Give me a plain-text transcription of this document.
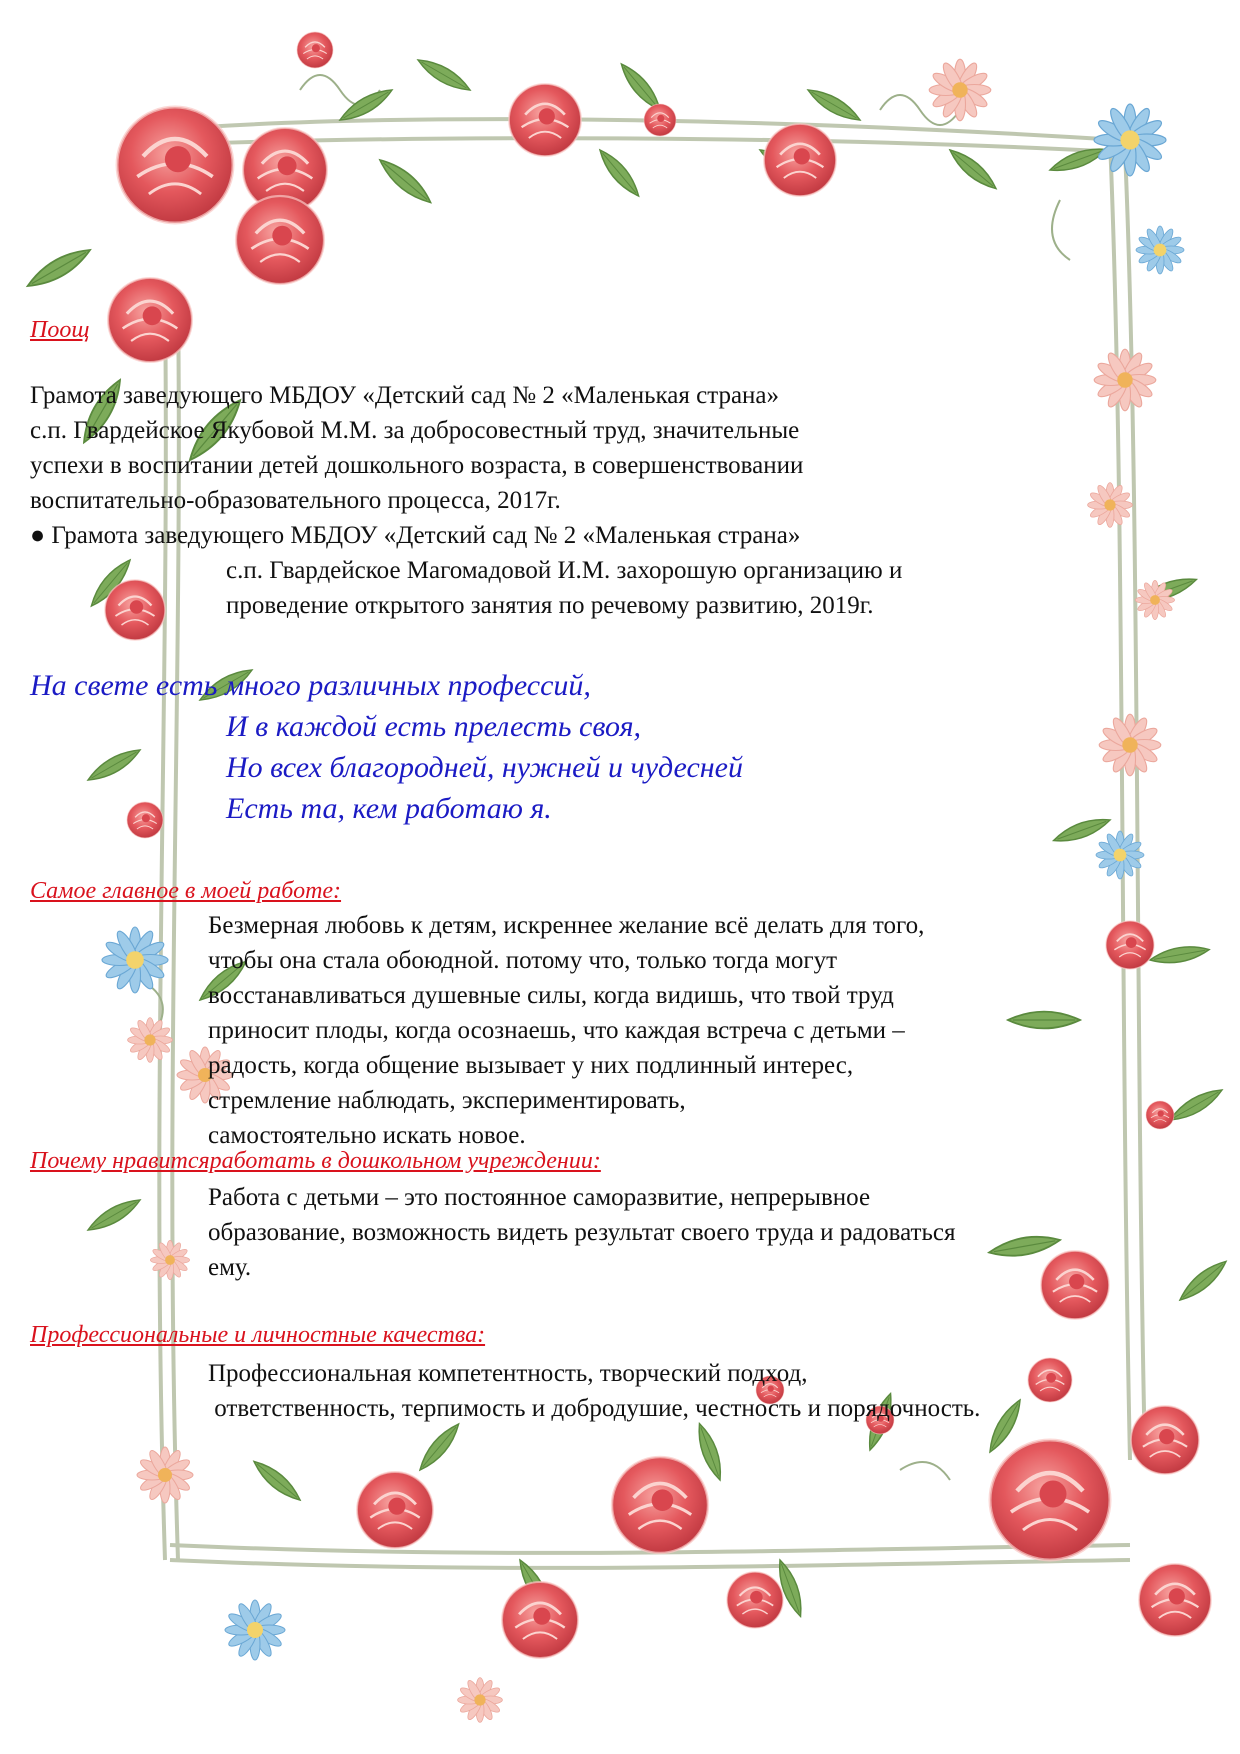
Поощ
Грамота заведующего МБДОУ «Детский сад № 2 «Маленькая страна»
с.п. Гвардейское Якубовой М.М. за добросовестный труд, значительные
успехи в воспитании детей дошкольного возраста, в совершенствовании
воспитательно-образовательного процесса, 2017г.
● Грамота заведующего МБДОУ «Детский сад № 2 «Маленькая страна»
с.п. Гвардейское Магомадовой И.М. захорошую организацию и
проведение открытого занятия по речевому развитию, 2019г.
На свете есть много различных профессий,
И в каждой есть прелесть своя,
Но всех благородней, нужней и чудесней
Есть та, кем работаю я.
Самое главное в моей работе:
Безмерная любовь к детям, искреннее желание всё делать для того,
чтобы она стала обоюдной. потому что, только тогда могут
восстанавливаться душевные силы, когда видишь, что твой труд
приносит плоды, когда осознаешь, что каждая встреча с детьми –
радость, когда общение вызывает у них подлинный интерес,
стремление наблюдать, экспериментировать,
самостоятельно искать новое.
Почему нравитсяработать в дошкольном учреждении:
Работа с детьми – это постоянное саморазвитие, непрерывное
образование, возможность видеть результат своего труда и радоваться
ему.
Профессиональные и личностные качества:
Профессиональная компетентность, творческий подход,
ответственность, терпимость и добродушие, честность и порядочность.
